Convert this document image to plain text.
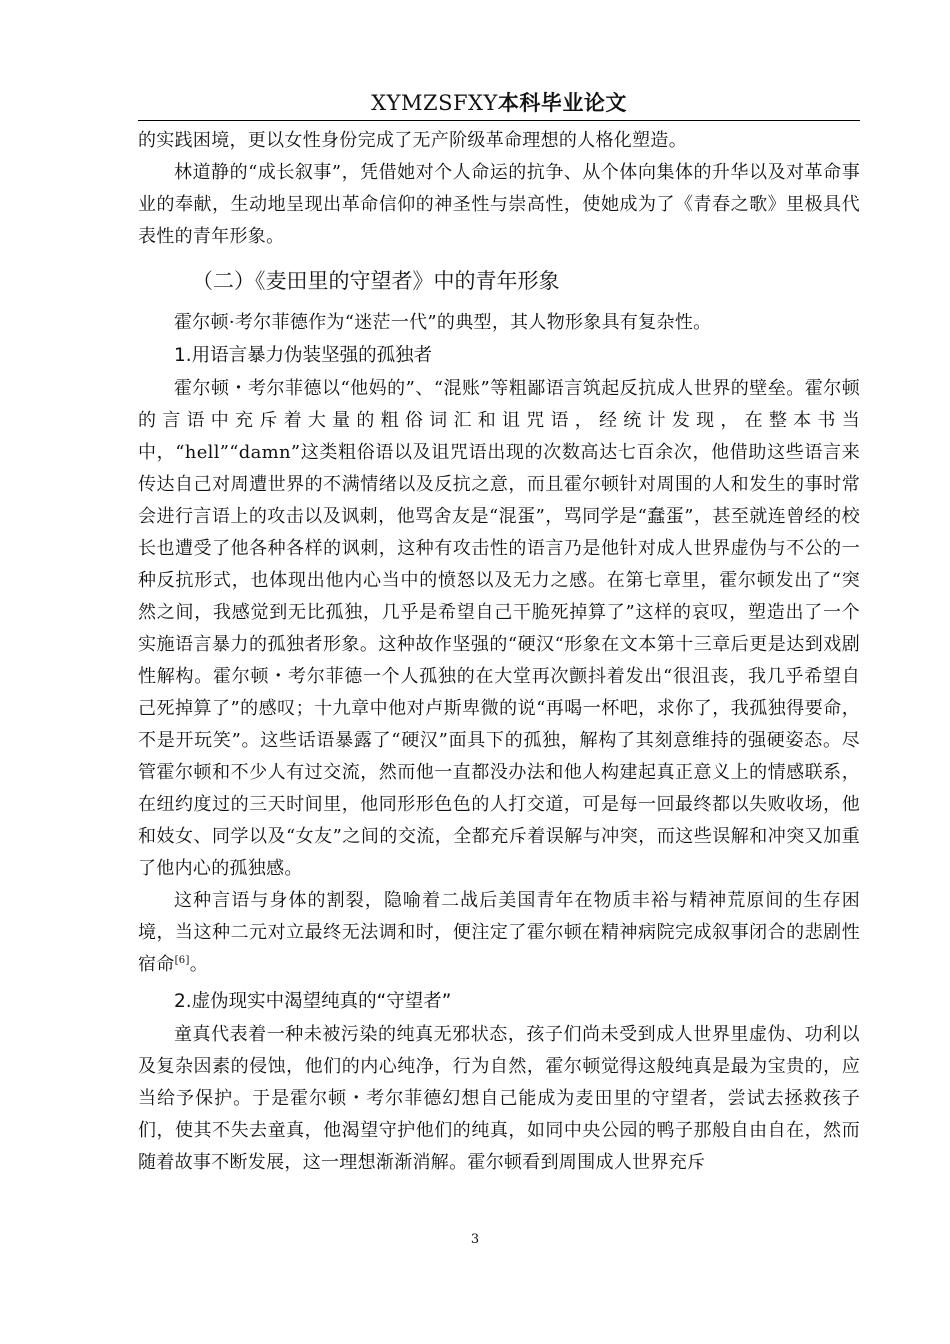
XYMZSFXY本科毕业论文

的实践困境，更以女性身份完成了无产阶级革命理想的人格化塑造。

林道静的“成长叙事”，凭借她对个人命运的抗争、从个体向集体的升华以及对革命事业的奉献，生动地呈现出革命信仰的神圣性与崇高性，使她成为了《青春之歌》里极具代表性的青年形象。

（二）《麦田里的守望者》中的青年形象

霍尔顿·考尔菲德作为“迷茫一代”的典型，其人物形象具有复杂性。

1.用语言暴力伪装坚强的孤独者

霍尔顿・考尔菲德以“他妈的”、“混账”等粗鄙语言筑起反抗成人世界的壁垒。霍尔顿的言语中充斥着大量的粗俗词汇和诅咒语，经统计发现，在整本书当中，“hell”“damn”这类粗俗语以及诅咒语出现的次数高达七百余次，他借助这些语言来传达自己对周遭世界的不满情绪以及反抗之意，而且霍尔顿针对周围的人和发生的事时常会进行言语上的攻击以及讽刺，他骂舍友是“混蛋”，骂同学是“蠢蛋”，甚至就连曾经的校长也遭受了他各种各样的讽刺，这种有攻击性的语言乃是他针对成人世界虚伪与不公的一种反抗形式，也体现出他内心当中的愤怒以及无力之感。在第七章里，霍尔顿发出了“突然之间，我感觉到无比孤独，几乎是希望自己干脆死掉算了”这样的哀叹，塑造出了一个实施语言暴力的孤独者形象。这种故作坚强的“硬汉“形象在文本第十三章后更是达到戏剧性解构。霍尔顿・考尔菲德一个人孤独的在大堂再次颤抖着发出“很沮丧，我几乎希望自己死掉算了”的感叹；十九章中他对卢斯卑微的说“再喝一杯吧，求你了，我孤独得要命，不是开玩笑”。这些话语暴露了“硬汉”面具下的孤独，解构了其刻意维持的强硬姿态。尽管霍尔顿和不少人有过交流，然而他一直都没办法和他人构建起真正意义上的情感联系，在纽约度过的三天时间里，他同形形色色的人打交道，可是每一回最终都以失败收场，他和妓女、同学以及“女友”之间的交流，全都充斥着误解与冲突，而这些误解和冲突又加重了他内心的孤独感。

这种言语与身体的割裂，隐喻着二战后美国青年在物质丰裕与精神荒原间的生存困境，当这种二元对立最终无法调和时，便注定了霍尔顿在精神病院完成叙事闭合的悲剧性宿命[6]。

2.虚伪现实中渴望纯真的“守望者”

童真代表着一种未被污染的纯真无邪状态，孩子们尚未受到成人世界里虚伪、功利以及复杂因素的侵蚀，他们的内心纯净，行为自然，霍尔顿觉得这般纯真是最为宝贵的，应当给予保护。于是霍尔顿・考尔菲德幻想自己能成为麦田里的守望者，尝试去拯救孩子们，使其不失去童真，他渴望守护他们的纯真，如同中央公园的鸭子那般自由自在，然而随着故事不断发展，这一理想渐渐消解。霍尔顿看到周围成人世界充斥

3
